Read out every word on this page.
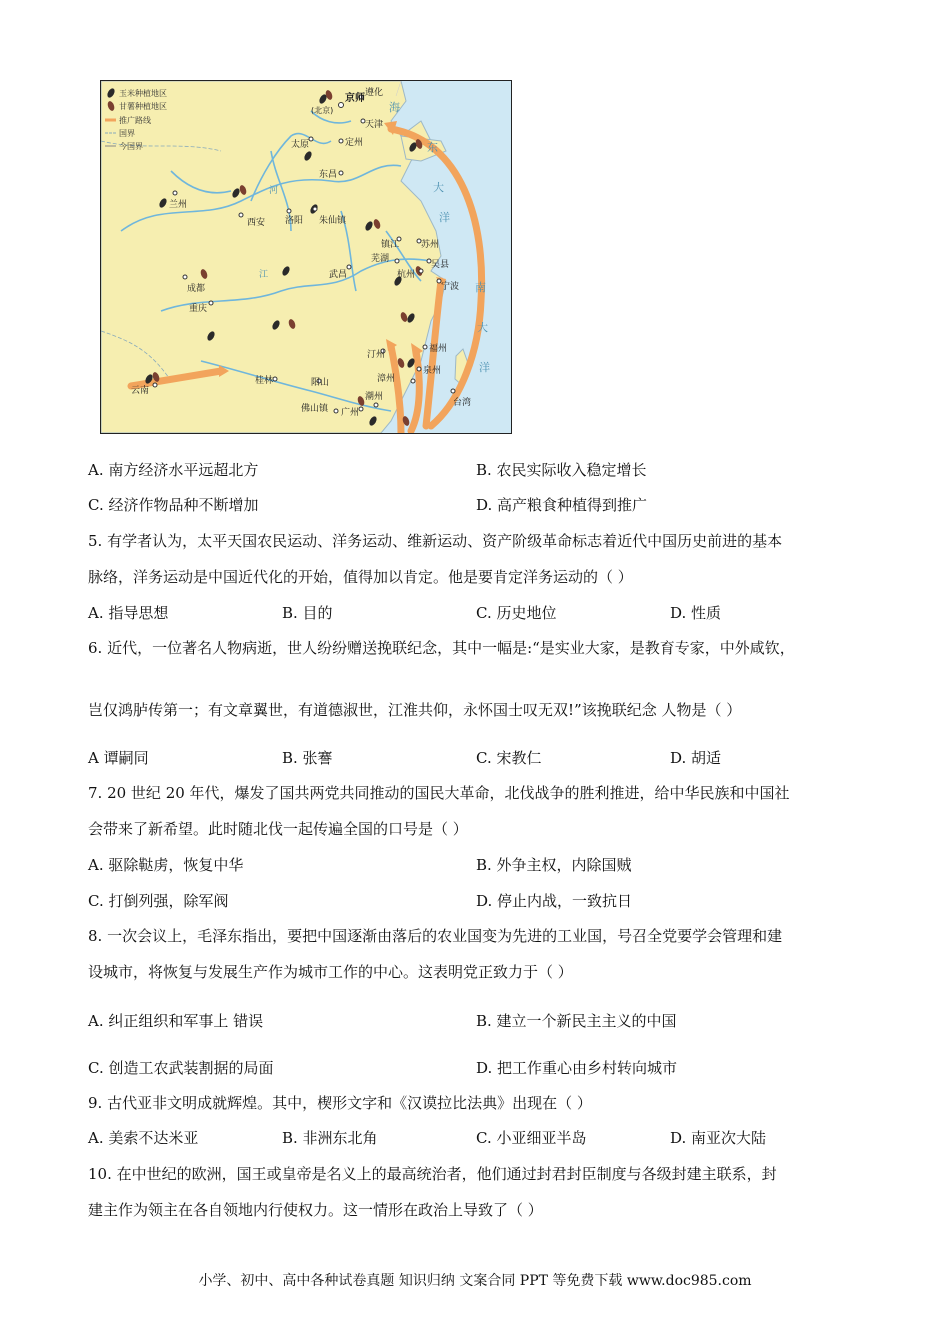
玉米种植地区
甘薯种植地区
推广路线
国界
今国界
京师
(北京)
遵化
天津
太原	定州
东昌
兰州
西安 洛阳 朱仙镇
镇江 苏州
芜湖
吴县
杭州
宁波
成都
重庆
武昌
汀州
福州
漳州
泉州
台湾
云南
桂林	阳山
潮州
佛山镇 广州
东
大
洋
南
大
洋
海
河
江
A. 南方经济水平远超北方	B. 农民实际收入稳定增长
C. 经济作物品种不断增加	D. 高产粮食种植得到推广
5. 有学者认为，太平天国农民运动、洋务运动、维新运动、资产阶级革命标志着近代中国历史前进的基本
脉络，洋务运动是中国近代化的开始，值得加以肯定。他是要肯定洋务运动的（ ）
A. 指导思想	B. 目的	C. 历史地位	D. 性质
6. 近代，一位著名人物病逝，世人纷纷赠送挽联纪念，其中一幅是:“是实业大家，是教育专家，中外咸钦，
岂仅鸿胪传第一；有文章翼世，有道德淑世，江淮共仰，永怀国士叹无双!”该挽联纪念 人物是（ ）
A 谭嗣同	B. 张謇	C. 宋教仁	D. 胡适
7. 20 世纪 20 年代，爆发了国共两党共同推动的国民大革命，北伐战争的胜利推进，给中华民族和中国社
会带来了新希望。此时随北伐一起传遍全国的口号是（ ）
A. 驱除鞑虏，恢复中华	B. 外争主权，内除国贼
C. 打倒列强，除军阀	D. 停止内战，一致抗日
8. 一次会议上，毛泽东指出，要把中国逐渐由落后的农业国变为先进的工业国，号召全党要学会管理和建
设城市，将恢复与发展生产作为城市工作的中心。这表明党正致力于（ ）
A. 纠正组织和军事上 错误	B. 建立一个新民主主义的中国
C. 创造工农武装割据的局面	D. 把工作重心由乡村转向城市
9. 古代亚非文明成就辉煌。其中，楔形文字和《汉谟拉比法典》出现在（ ）
A. 美索不达米亚	B. 非洲东北角	C. 小亚细亚半岛	D. 南亚次大陆
10. 在中世纪的欧洲，国王或皇帝是名义上的最高统治者，他们通过封君封臣制度与各级封建主联系，封
建主作为领主在各自领地内行使权力。这一情形在政治上导致了（ ）
小学、初中、高中各种试卷真题 知识归纳 文案合同 PPT 等免费下载 www.doc985.com
